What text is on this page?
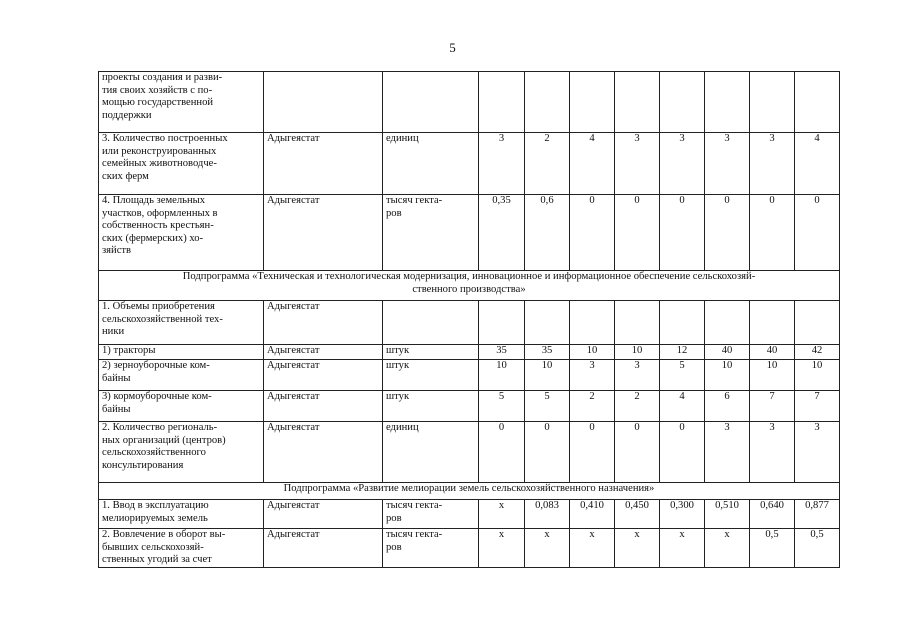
5
проекты создания и разви-
тия своих хозяйств с по-
мощью государственной
поддержки										
3. Количество построенных
или реконструированных
семейных животноводче-
ских ферм	Адыгеястат	единиц	3	2	4	3	3	3	3	4
4. Площадь земельных
участков, оформленных в
собственность крестьян-
ских (фермерских) хо-
зяйств	Адыгеястат	тысяч гекта-
ров	0,35	0,6	0	0	0	0	0	0
Подпрограмма «Техническая и технологическая модернизация, инновационное и информационное обеспечение сельскохозяй-
ственного производства»										
1. Объемы приобретения
сельскохозяйственной тех-
ники	Адыгеястат									
1) тракторы	Адыгеястат	штук	35	35	10	10	12	40	40	42
2) зерноуборочные ком-
байны	Адыгеястат	штук	10	10	3	3	5	10	10	10
3) кормоуборочные ком-
байны	Адыгеястат	штук	5	5	2	2	4	6	7	7
2. Количество региональ-
ных организаций (центров)
сельскохозяйственного
консультирования	Адыгеястат	единиц	0	0	0	0	0	3	3	3
Подпрограмма «Развитие мелиорации земель сельскохозяйственного назначения»										
1. Ввод в эксплуатацию
мелиорируемых земель	Адыгеястат	тысяч гекта-
ров	х	0,083	0,410	0,450	0,300	0,510	0,640	0,877
2. Вовлечение в оборот вы-
бывших сельскохозяй-
ственных угодий за счет	Адыгеястат	тысяч гекта-
ров	х	х	х	х	х	х	0,5	0,5
